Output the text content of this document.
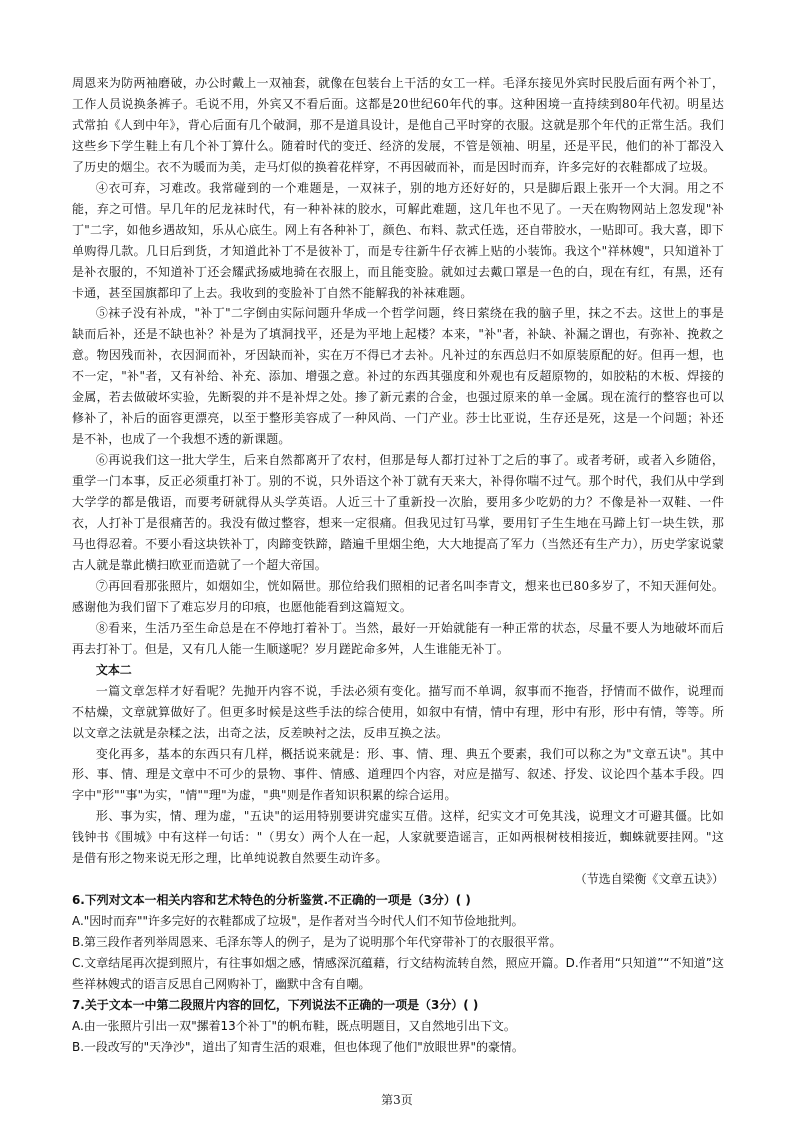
周恩来为防两袖磨破，办公时戴上一双袖套，就像在包装台上干活的女工一样。毛泽东接见外宾时民股后面有两个补丁，工作人员说换条裤子。毛说不用，外宾又不看后面。这都是20世纪60年代的事。这种困境一直持续到80年代初。明星达式常拍《人到中年》，背心后面有几个破洞，那不是道具设计，是他自己平时穿的衣服。这就是那个年代的正常生活。我们这些乡下学生鞋上有几个补丁算什么。随着时代的变迁、经济的发展，不管是领袖、明星，还是平民，他们的补丁都没入了历史的烟尘。衣不为暖而为美，走马灯似的换着花样穿，不再因破而补，而是因时而弃，许多完好的衣鞋都成了垃圾。

④衣可弃，习难改。我常碰到的一个难题是，一双袜子，别的地方还好好的，只是脚后跟上张开一个大洞。用之不能，弃之可惜。早几年的尼龙袜时代，有一种补袜的胶水，可解此难题，这几年也不见了。一天在购物网站上忽发现"补丁"二字，如他乡遇故知，乐从心底生。网上有各种补丁，颜色、布料、款式任选，还自带胶水，一贴即可。我大喜，即下单购得几款。几日后到货，才知道此补丁不是彼补丁，而是专往新牛仔衣裤上贴的小装饰。我这个"祥林嫂"，只知道补丁是补衣服的，不知道补丁还会耀武扬威地骑在衣服上，而且能变脸。就如过去戴口罩是一色的白，现在有红，有黑，还有卡通，甚至国旗都印了上去。我收到的变脸补丁自然不能解我的补袜难题。

⑤袜子没有补成，"补丁"二字倒由实际问题升华成一个哲学问题，终日萦绕在我的脑子里，抹之不去。这世上的事是缺而后补，还是不缺也补？补是为了填洞找平，还是为平地上起楼？本来，"补"者，补缺、补漏之谓也，有弥补、挽救之意。物因残而补，衣因洞而补，牙因缺而补，实在万不得已才去补。凡补过的东西总归不如原装原配的好。但再一想，也不一定，"补"者，又有补给、补充、添加、增强之意。补过的东西其强度和外观也有反超原物的，如胶粘的木板、焊接的金属，若去做破坏实验，先断裂的并不是补焊之处。掺了新元素的合金，也强过原来的单一金属。现在流行的整容也可以修补了，补后的面容更漂亮，以至于整形美容成了一种风尚、一门产业。莎士比亚说，生存还是死，这是一个问题；补还是不补，也成了一个我想不透的新课题。

⑥再说我们这一批大学生，后来自然都离开了农村，但那是每人都打过补丁之后的事了。或者考研，或者入乡随俗，重学一门本事，反正必须重打补丁。别的不说，只外语这个补丁就有天来大，补得你喘不过气。那个时代，我们从中学到大学学的都是俄语，而要考研就得从头学英语。人近三十了重新投一次胎，要用多少吃奶的力？不像是补一双鞋、一件衣，人打补丁是很痛苦的。我没有做过整容，想来一定很痛。但我见过钉马掌，要用钉子生生地在马蹄上钉一块生铁，那马也得忍着。不要小看这块铁补丁，肉蹄变铁蹄，踏遍千里烟尘绝，大大地提高了军力（当然还有生产力），历史学家说蒙古人就是靠此横扫欧亚而造就了一个超大帝国。

⑦再回看那张照片，如烟如尘，恍如隔世。那位给我们照相的记者名叫李青文，想来也已80多岁了，不知天涯何处。感谢他为我们留下了难忘岁月的印痕，也愿他能看到这篇短文。

⑧看来，生活乃至生命总是在不停地打着补丁。当然，最好一开始就能有一种正常的状态，尽量不要人为地破坏而后再去打补丁。但是，又有几人能一生顺遂呢？岁月蹉跎命多舛，人生谁能无补丁。

文本二

一篇文章怎样才好看呢？先抛开内容不说，手法必须有变化。描写而不单调，叙事而不拖沓，抒情而不做作，说理而不枯燥，文章就算做好了。但更多时候是这些手法的综合使用，如叙中有情，情中有理，形中有形，形中有情，等等。所以文章之法就是杂糅之法，出奇之法，反差映衬之法，反串互换之法。

变化再多，基本的东西只有几样，概括说来就是：形、事、情、理、典五个要素，我们可以称之为"文章五诀"。其中形、事、情、理是文章中不可少的景物、事件、情感、道理四个内容，对应是描写、叙述、抒发、议论四个基本手段。四字中"形""事"为实，"情""理"为虚，"典"则是作者知识积累的综合运用。

形、事为实，情、理为虚，"五诀"的运用特别要讲究虚实互借。这样，纪实文才可免其浅，说理文才可避其僵。比如钱钟书《围城》中有这样一句话："（男女）两个人在一起，人家就要造谣言，正如两根树枝相接近，蜘蛛就要挂网。"这是借有形之物来说无形之理，比单纯说教自然要生动许多。

（节选自梁衡《文章五诀》）

6.下列对文本一相关内容和艺术特色的分析鉴赏.不正确的一项是（3分）( )

A."因时而弃""许多完好的衣鞋都成了垃圾"，是作者对当今时代人们不知节俭地批判。

B.第三段作者列举周恩来、毛泽东等人的例子，是为了说明那个年代穿带补丁的衣服很平常。

C.文章结尾再次提到照片，有往事如烟之感，情感深沉蕴藉，行文结构流转自然，照应开篇。D.作者用“只知道”“不知道”这些祥林嫂式的语言反思自己网购补丁，幽默中含有自嘲。

7.关于文本一中第二段照片内容的回忆，下列说法不正确的一项是（3分）( )

A.由一张照片引出一双"摞着13个补丁"的帆布鞋，既点明题目，又自然地引出下文。

B.一段改写的"天净沙"，道出了知青生活的艰难，但也体现了他们"放眼世界"的豪情。

第3页
